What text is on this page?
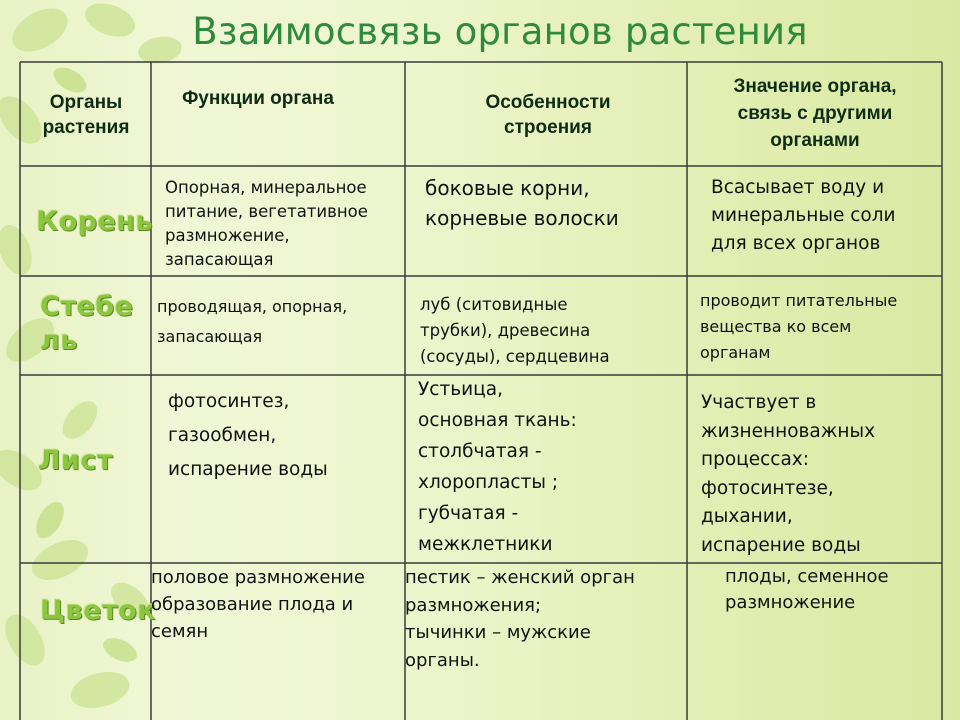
Взаимосвязь органов растения
Органы
растения
Функции органа	Особенности
строения
Значение органа,
связь с другими
органами
Корень
Опорная, минеральное
питание, вегетативное
размножение,
запасающая
боковые корни,
корневые волоски
Всасывает воду и
минеральные соли
для всех органов
Стебе
ль
проводящая, опорная,
запасающая
луб (ситовидные
трубки), древесина
(сосуды), сердцевина
проводит питательные
вещества ко всем
органам
Лист
фотосинтез,
газообмен,
испарение воды
Устьица,
основная ткань:
столбчатая -
хлоропласты ;
губчатая -
межклетники
Участвует в
жизненноважных
процессах:
фотосинтезе,
дыхании,
испарение воды
Цветок
половое размножение
образование плода и
семян
пестик – женский орган
размножения;
тычинки – мужские
органы.
плоды, семенное
размножение
